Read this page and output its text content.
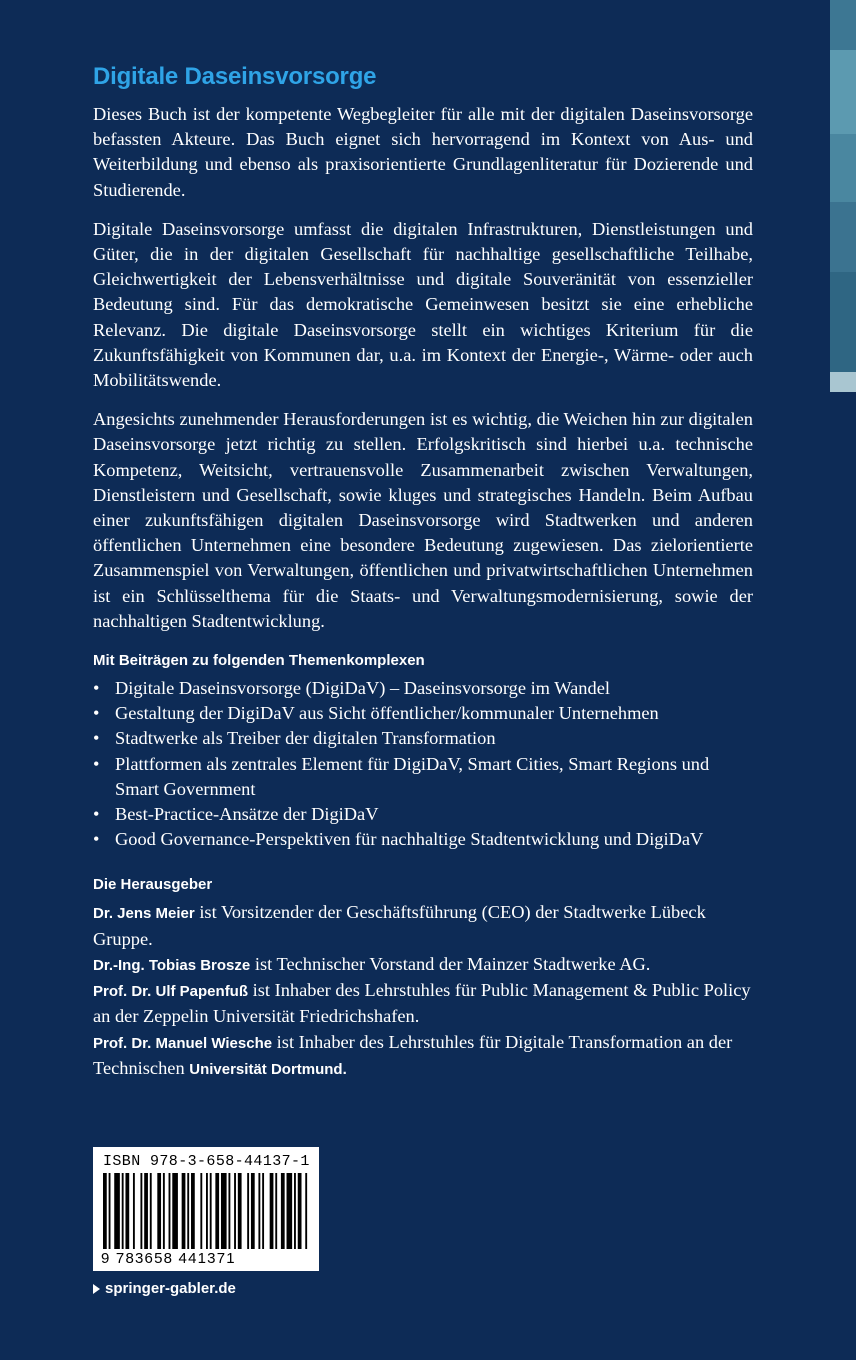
Digitale Daseinsvorsorge

Dieses Buch ist der kompetente Wegbegleiter für alle mit der digitalen Daseinsvorsorge befassten Akteure. Das Buch eignet sich hervorragend im Kontext von Aus- und Weiterbildung und ebenso als praxisorientierte Grundlagenliteratur für Dozierende und Studierende.

Digitale Daseinsvorsorge umfasst die digitalen Infrastrukturen, Dienstleistungen und Güter, die in der digitalen Gesellschaft für nachhaltige gesellschaftliche Teilhabe, Gleichwertigkeit der Lebensverhältnisse und digitale Souveränität von essenzieller Bedeutung sind. Für das demokratische Gemeinwesen besitzt sie eine erhebliche Relevanz. Die digitale Daseinsvorsorge stellt ein wichtiges Kriterium für die Zukunftsfähigkeit von Kommunen dar, u.a. im Kontext der Energie-, Wärme- oder auch Mobilitätswende.

Angesichts zunehmender Herausforderungen ist es wichtig, die Weichen hin zur digitalen Daseinsvorsorge jetzt richtig zu stellen. Erfolgskritisch sind hierbei u.a. technische Kompetenz, Weitsicht, vertrauensvolle Zusammenarbeit zwischen Verwaltungen, Dienstleistern und Gesellschaft, sowie kluges und strategisches Handeln. Beim Aufbau einer zukunftsfähigen digitalen Daseinsvorsorge wird Stadtwerken und anderen öffentlichen Unternehmen eine besondere Bedeutung zugewiesen. Das zielorientierte Zusammenspiel von Verwaltungen, öffentlichen und privatwirtschaftlichen Unternehmen ist ein Schlüsselthema für die Staats- und Verwaltungsmodernisierung, sowie der nachhaltigen Stadtentwicklung.

Mit Beiträgen zu folgenden Themenkomplexen
• Digitale Daseinsvorsorge (DigiDaV) – Daseinsvorsorge im Wandel
• Gestaltung der DigiDaV aus Sicht öffentlicher/kommunaler Unternehmen
• Stadtwerke als Treiber der digitalen Transformation
• Plattformen als zentrales Element für DigiDaV, Smart Cities, Smart Regions und Smart Government
• Best-Practice-Ansätze der DigiDaV
• Good Governance-Perspektiven für nachhaltige Stadtentwicklung und DigiDaV
Die Herausgeber

Dr. Jens Meier ist Vorsitzender der Geschäftsführung (CEO) der Stadtwerke Lübeck Gruppe.

Dr.-Ing. Tobias Brosze ist Technischer Vorstand der Mainzer Stadtwerke AG.

Prof. Dr. Ulf Papenfuß ist Inhaber des Lehrstuhles für Public Management & Public Policy an der Zeppelin Universität Friedrichshafen.

Prof. Dr. Manuel Wiesche ist Inhaber des Lehrstuhles für Digitale Transformation an der Technischen Universität Dortmund.

ISBN 978-3-658-44137-1
9 783658 441371
springer-gabler.de
